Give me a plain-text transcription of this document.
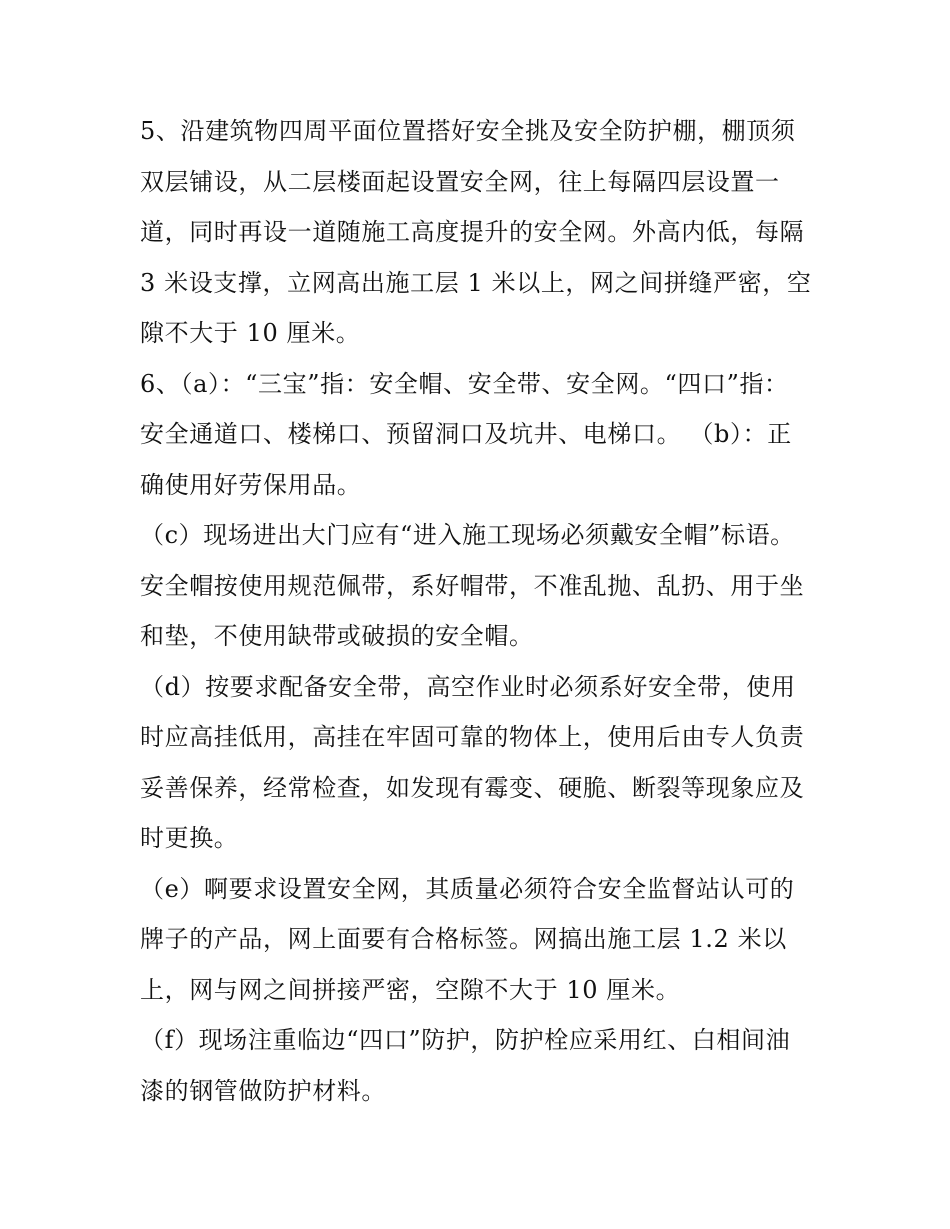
5、沿建筑物四周平面位置搭好安全挑及安全防护棚，棚顶须
双层铺设，从二层楼面起设置安全网，往上每隔四层设置一
道，同时再设一道随施工高度提升的安全网。外高内低，每隔
3 米设支撑，立网高出施工层 1 米以上，网之间拼缝严密，空
隙不大于 10 厘米。
6、（a）：“三宝”指：安全帽、安全带、安全网。“四口”指：
安全通道口、楼梯口、预留洞口及坑井、电梯口。 （b）：正
确使用好劳保用品。
（c）现场进出大门应有“进入施工现场必须戴安全帽”标语。
安全帽按使用规范佩带，系好帽带，不准乱抛、乱扔、用于坐
和垫，不使用缺带或破损的安全帽。
（d）按要求配备安全带，高空作业时必须系好安全带，使用
时应高挂低用，高挂在牢固可靠的物体上，使用后由专人负责
妥善保养，经常检查，如发现有霉变、硬脆、断裂等现象应及
时更换。
（e）啊要求设置安全网，其质量必须符合安全监督站认可的
牌子的产品，网上面要有合格标签。网搞出施工层 1.2 米以
上，网与网之间拼接严密，空隙不大于 10 厘米。
（f）现场注重临边“四口”防护，防护栓应采用红、白相间油
漆的钢管做防护材料。
